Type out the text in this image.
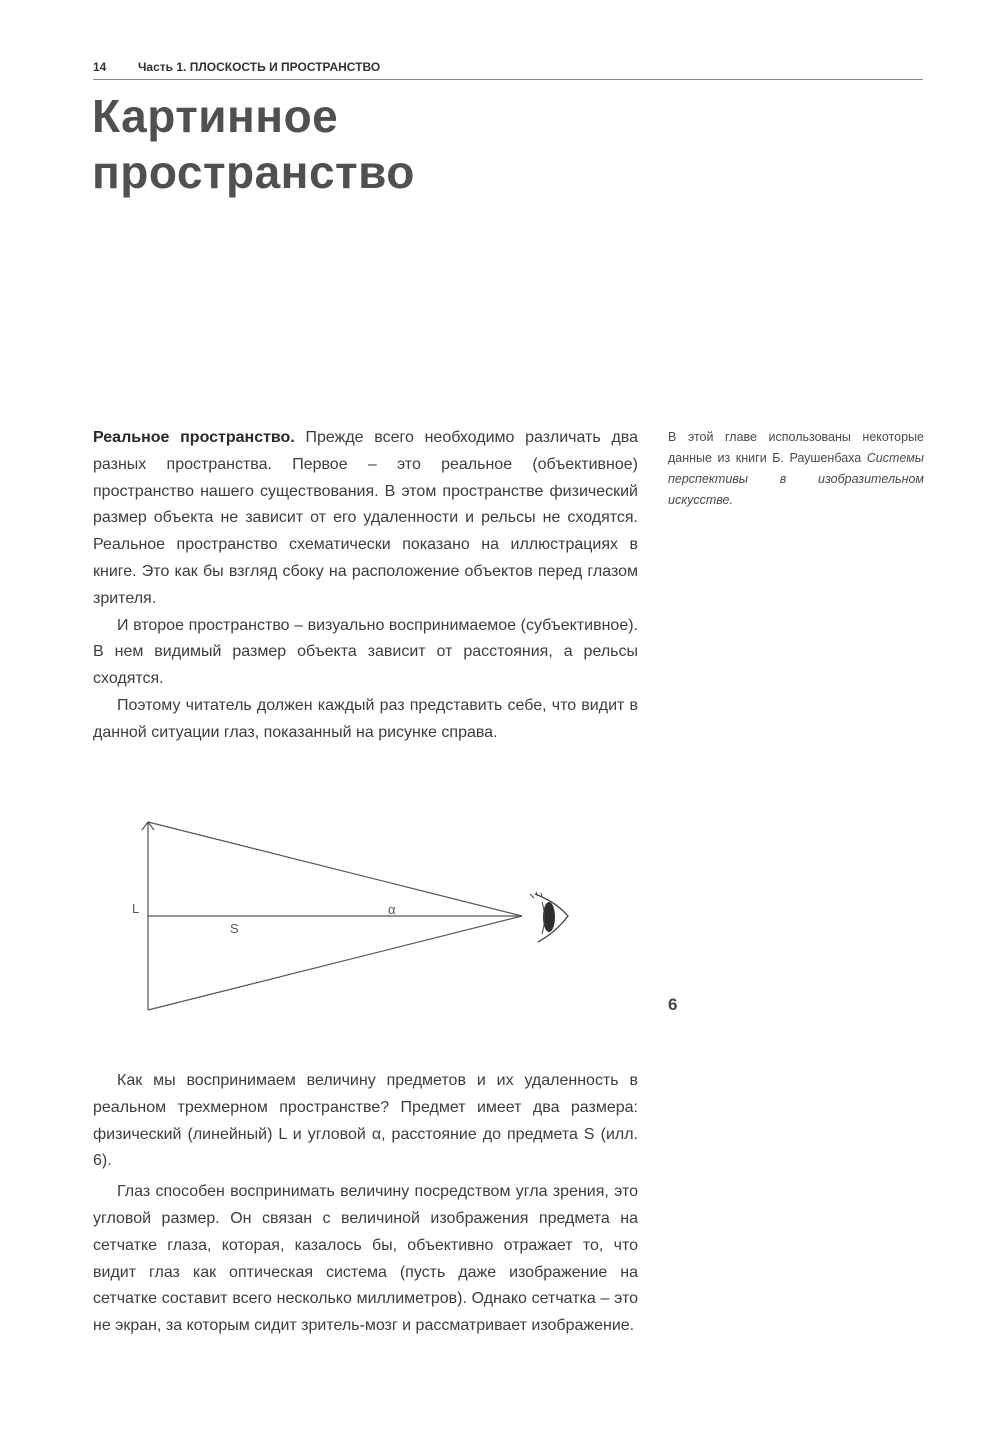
14	Часть 1. ПЛОСКОСТЬ И ПРОСТРАНСТВО
Картинное
пространство

Реальное пространство. Прежде всего необходимо различать два разных пространства. Первое – это реальное (объективное) пространство нашего существования. В этом пространстве физический размер объекта не зависит от его удаленности и рельсы не сходятся. Реальное пространство схематически показано на иллюстрациях в книге. Это как бы взгляд сбоку на расположение объектов перед глазом зрителя.

И второе пространство – визуально воспринимаемое (субъективное). В нем видимый размер объекта зависит от расстояния, а рельсы сходятся.

Поэтому читатель должен каждый раз представить себе, что видит в данной ситуации глаз, показанный на рисунке справа.

В этой главе использованы некоторые данные из книги Б. Раушенбаха Системы перспективы в изобразительном искусстве.
L
S
α
6

Как мы воспринимаем величину предметов и их удаленность в реальном трехмерном пространстве? Предмет имеет два размера: физический (линейный) L и угловой α, расстояние до предмета S (илл. 6).

Глаз способен воспринимать величину посредством угла зрения, это угловой размер. Он связан с величиной изображения предмета на сетчатке глаза, которая, казалось бы, объективно отражает то, что видит глаз как оптическая система (пусть даже изображение на сетчатке составит всего несколько миллиметров). Однако сетчатка – это не экран, за которым сидит зритель-мозг и рассматривает изображение.
